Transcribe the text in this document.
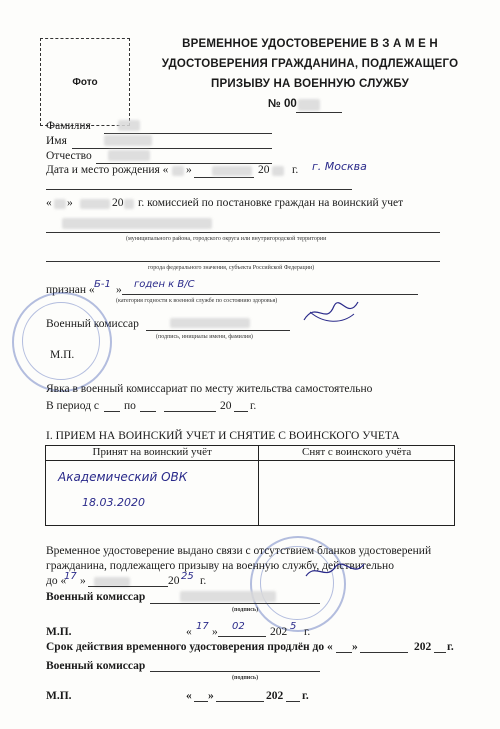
Фото
ВРЕМЕННОЕ УДОСТОВЕРЕНИЕ В З А М Е Н
УДОСТОВЕРЕНИЯ ГРАЖДАНИНА, ПОДЛЕЖАЩЕГО
ПРИЗЫВУ НА ВОЕННУЮ СЛУЖБУ
№ 00
Фамилия
Имя
Отчество
Дата и место рождения « »	20 г. г. Москва
« »	20 г. комиссией по постановке граждан на воинский учет
(муниципального района, городского округа или внутригородской территории
города федерального значения, субъекта Российской Федерации)
признан « Б-1 » годен к В/С
(категория годности к военной службе по состоянию здоровья)
Военный комиссар
(подпись, инициалы имени, фамилия)
М.П.
Явка в военный комиссариат по месту жительства самостоятельно
В период с по	20 г.
I. ПРИЕМ НА ВОИНСКИЙ УЧЕТ И СНЯТИЕ С ВОИНСКОГО УЧЕТА
Принят на воинский учёт	Снят с воинского учёта

Академический ОВК
18.03.2020
Временное удостоверение выдано связи с отсутствием бланков удостоверений
гражданина, подлежащего призыву на военную службу, действительно
до «
17 »	20 25 г.
Военный комиссар
(подпись)
М.П.	« 17 » 02 202 5 г.
Срок действия временного удостоверения продлён до « »	202 г.
Военный комиссар
(подпись)
М.П.	« »	202 г.
